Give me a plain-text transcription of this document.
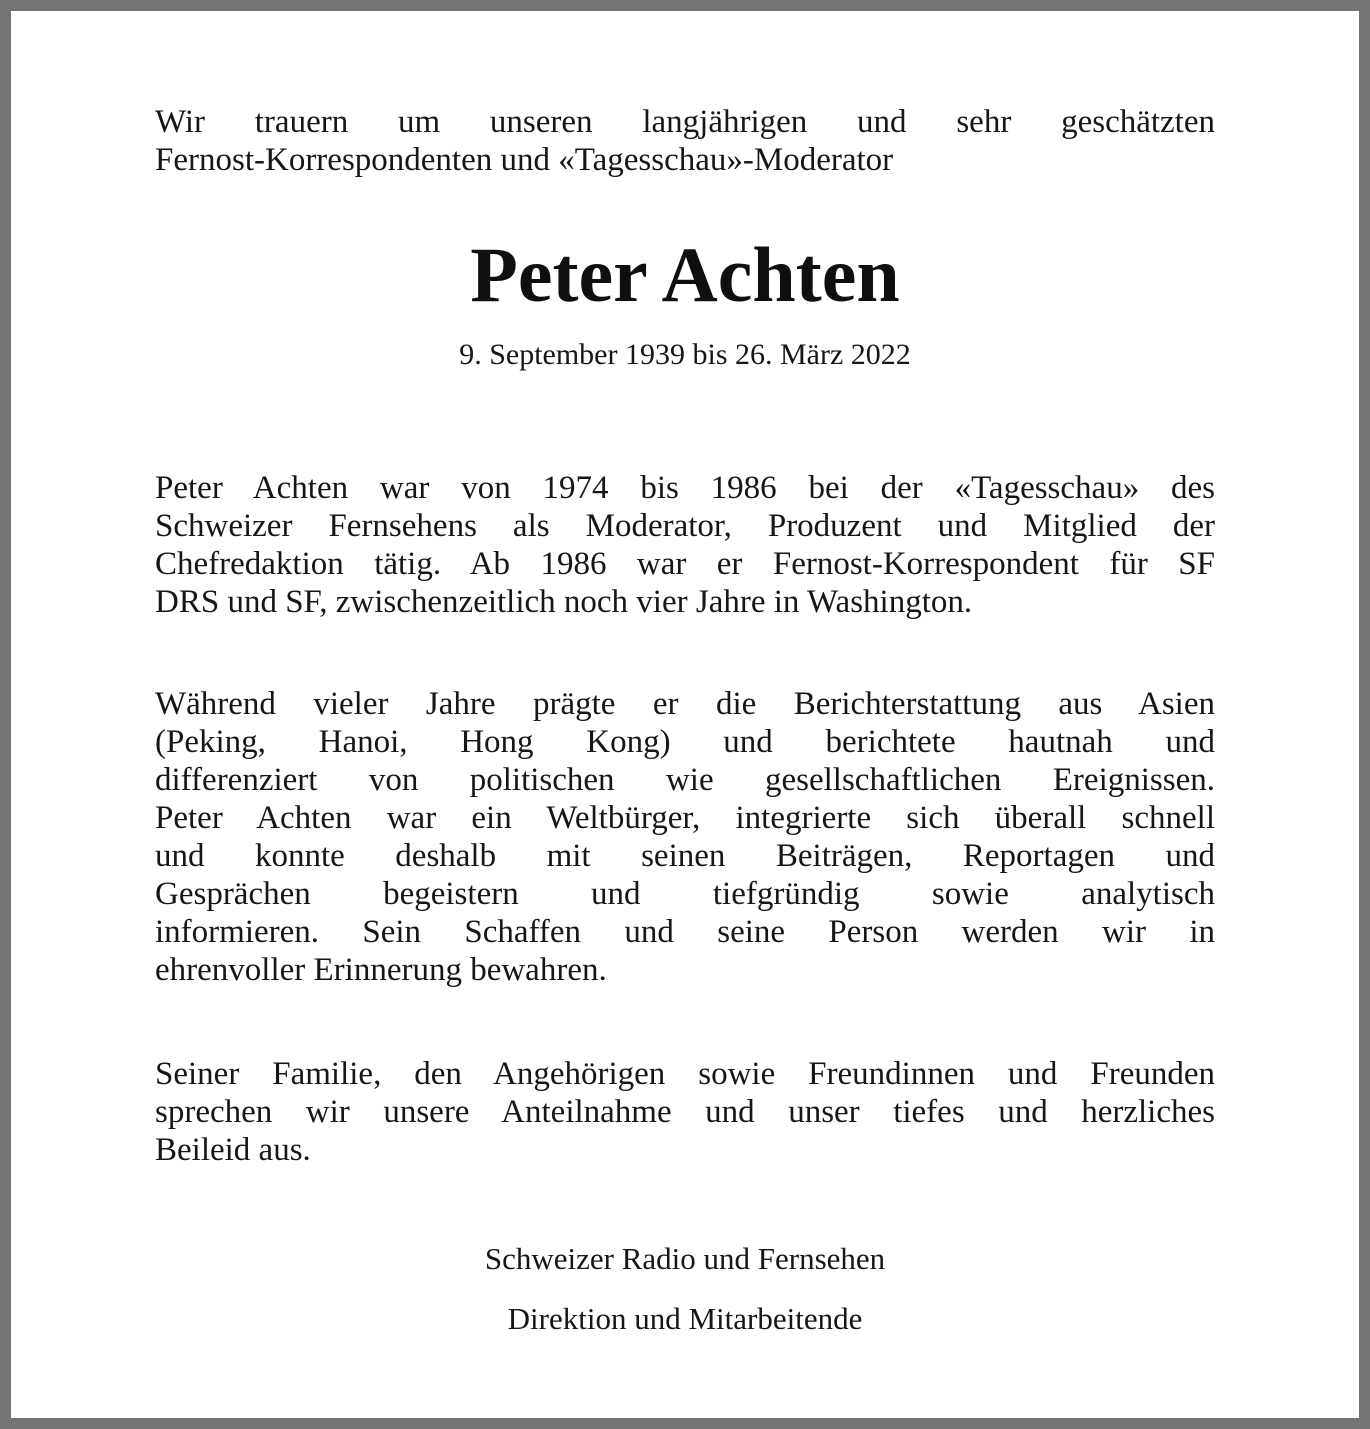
Wir trauern um unseren langjährigen und sehr geschätzten
Fernost-Korrespondenten und «Tagesschau»-Moderator
Peter Achten
9. September 1939 bis 26. März 2022
Peter Achten war von 1974 bis 1986 bei der «Tagesschau» des
Schweizer Fernsehens als Moderator, Produzent und Mitglied der
Chefredaktion tätig. Ab 1986 war er Fernost-Korrespondent für SF
DRS und SF, zwischenzeitlich noch vier Jahre in Washington.
Während vieler Jahre prägte er die Berichterstattung aus Asien
(Peking, Hanoi, Hong Kong) und berichtete hautnah und
differenziert von politischen wie gesellschaftlichen Ereignissen.
Peter Achten war ein Weltbürger, integrierte sich überall schnell
und konnte deshalb mit seinen Beiträgen, Reportagen und
Gesprächen begeistern und tiefgründig sowie analytisch
informieren. Sein Schaffen und seine Person werden wir in
ehrenvoller Erinnerung bewahren.
Seiner Familie, den Angehörigen sowie Freundinnen und Freunden
sprechen wir unsere Anteilnahme und unser tiefes und herzliches
Beileid aus.
Schweizer Radio und Fernsehen
Direktion und Mitarbeitende
